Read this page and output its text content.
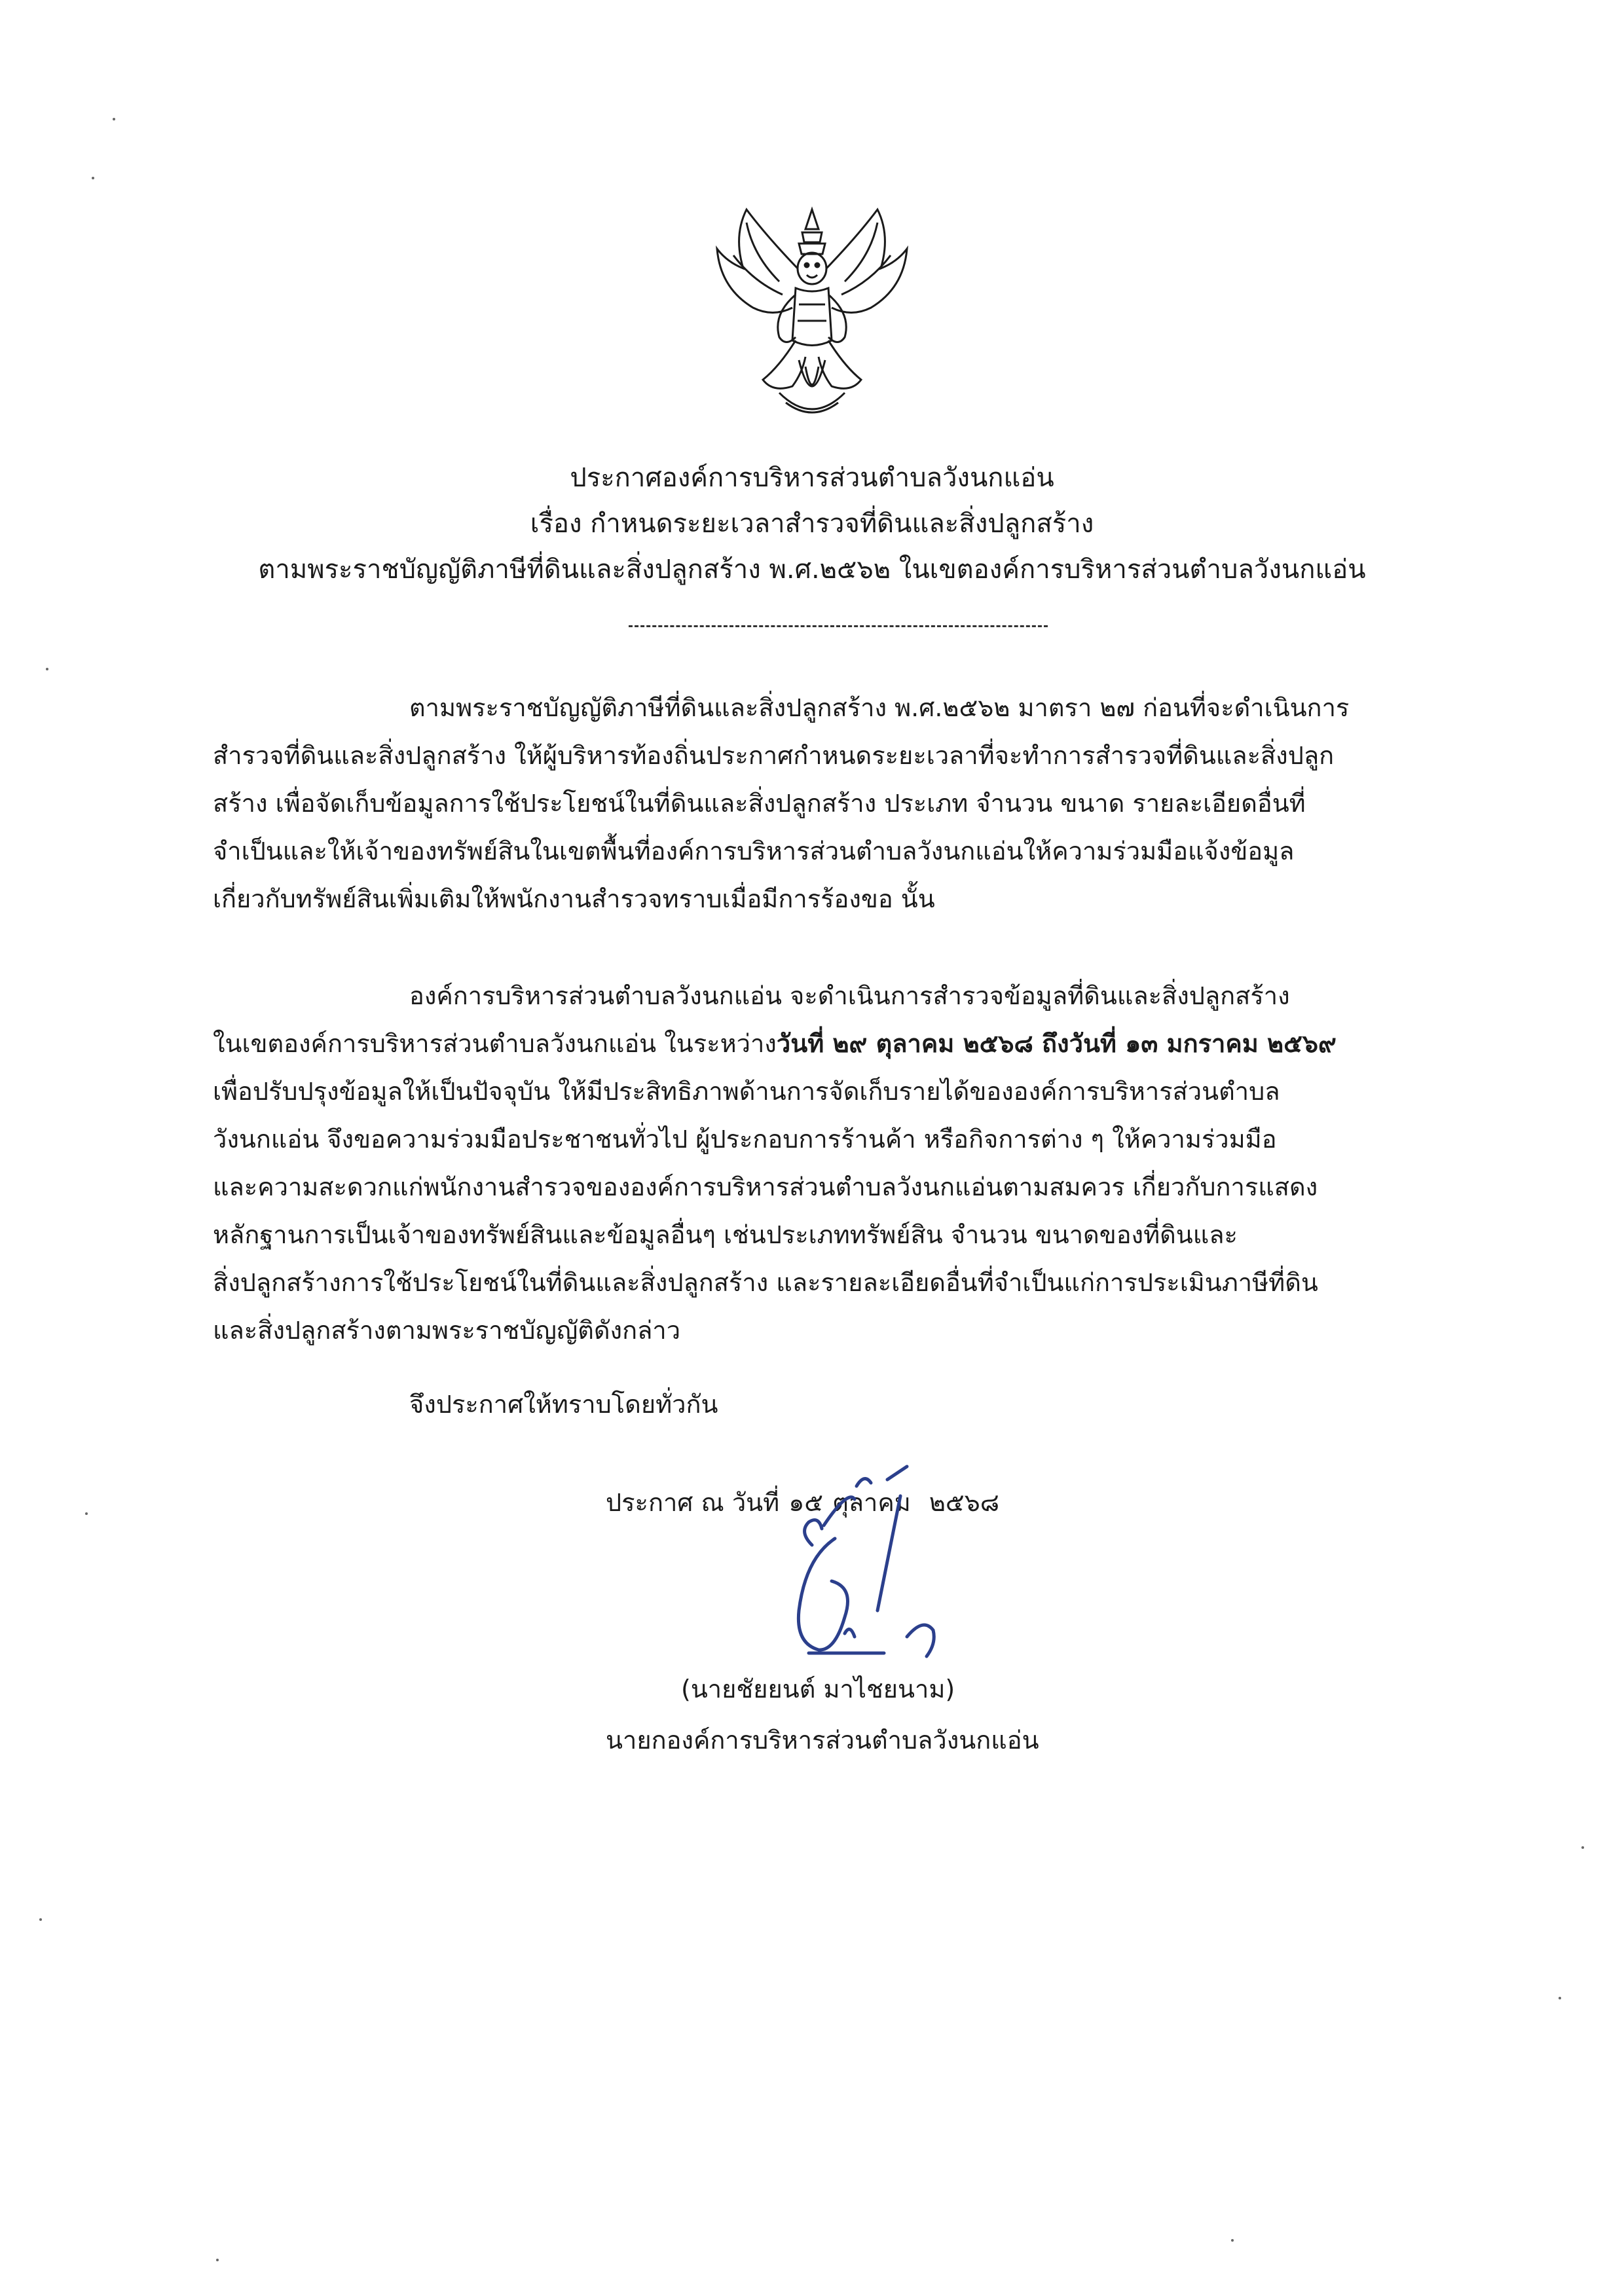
ประกาศองค์การบริหารส่วนตำบลวังนกแอ่น
เรื่อง กำหนดระยะเวลาสำรวจที่ดินและสิ่งปลูกสร้าง
ตามพระราชบัญญัติภาษีที่ดินและสิ่งปลูกสร้าง พ.ศ.๒๕๖๒ ในเขตองค์การบริหารส่วนตำบลวังนกแอ่น
ตามพระราชบัญญัติภาษีที่ดินและสิ่งปลูกสร้าง พ.ศ.๒๕๖๒ มาตรา ๒๗ ก่อนที่จะดำเนินการ
สำรวจที่ดินและสิ่งปลูกสร้าง ให้ผู้บริหารท้องถิ่นประกาศกำหนดระยะเวลาที่จะทำการสำรวจที่ดินและสิ่งปลูก
สร้าง เพื่อจัดเก็บข้อมูลการใช้ประโยชน์ในที่ดินและสิ่งปลูกสร้าง ประเภท จำนวน ขนาด รายละเอียดอื่นที่
จำเป็นและให้เจ้าของทรัพย์สินในเขตพื้นที่องค์การบริหารส่วนตำบลวังนกแอ่นให้ความร่วมมือแจ้งข้อมูล
เกี่ยวกับทรัพย์สินเพิ่มเติมให้พนักงานสำรวจทราบเมื่อมีการร้องขอ นั้น
องค์การบริหารส่วนตำบลวังนกแอ่น จะดำเนินการสำรวจข้อมูลที่ดินและสิ่งปลูกสร้าง
ในเขตองค์การบริหารส่วนตำบลวังนกแอ่น ในระหว่างวันที่ ๒๙ ตุลาคม ๒๕๖๘ ถึงวันที่ ๑๓ มกราคม ๒๕๖๙
เพื่อปรับปรุงข้อมูลให้เป็นปัจจุบัน ให้มีประสิทธิภาพด้านการจัดเก็บรายได้ขององค์การบริหารส่วนตำบล
วังนกแอ่น จึงขอความร่วมมือประชาชนทั่วไป ผู้ประกอบการร้านค้า หรือกิจการต่าง ๆ ให้ความร่วมมือ
และความสะดวกแก่พนักงานสำรวจขององค์การบริหารส่วนตำบลวังนกแอ่นตามสมควร เกี่ยวกับการแสดง
หลักฐานการเป็นเจ้าของทรัพย์สินและข้อมูลอื่นๆ เช่นประเภททรัพย์สิน จำนวน ขนาดของที่ดินและ
สิ่งปลูกสร้างการใช้ประโยชน์ในที่ดินและสิ่งปลูกสร้าง และรายละเอียดอื่นที่จำเป็นแก่การประเมินภาษีที่ดิน
และสิ่งปลูกสร้างตามพระราชบัญญัติดังกล่าว
จึงประกาศให้ทราบโดยทั่วกัน
ประกาศ ณ วันที่ ๑๕ ตุลาคม ๒๕๖๘
(นายชัยยนต์ มาไชยนาม)
นายกองค์การบริหารส่วนตำบลวังนกแอ่น
